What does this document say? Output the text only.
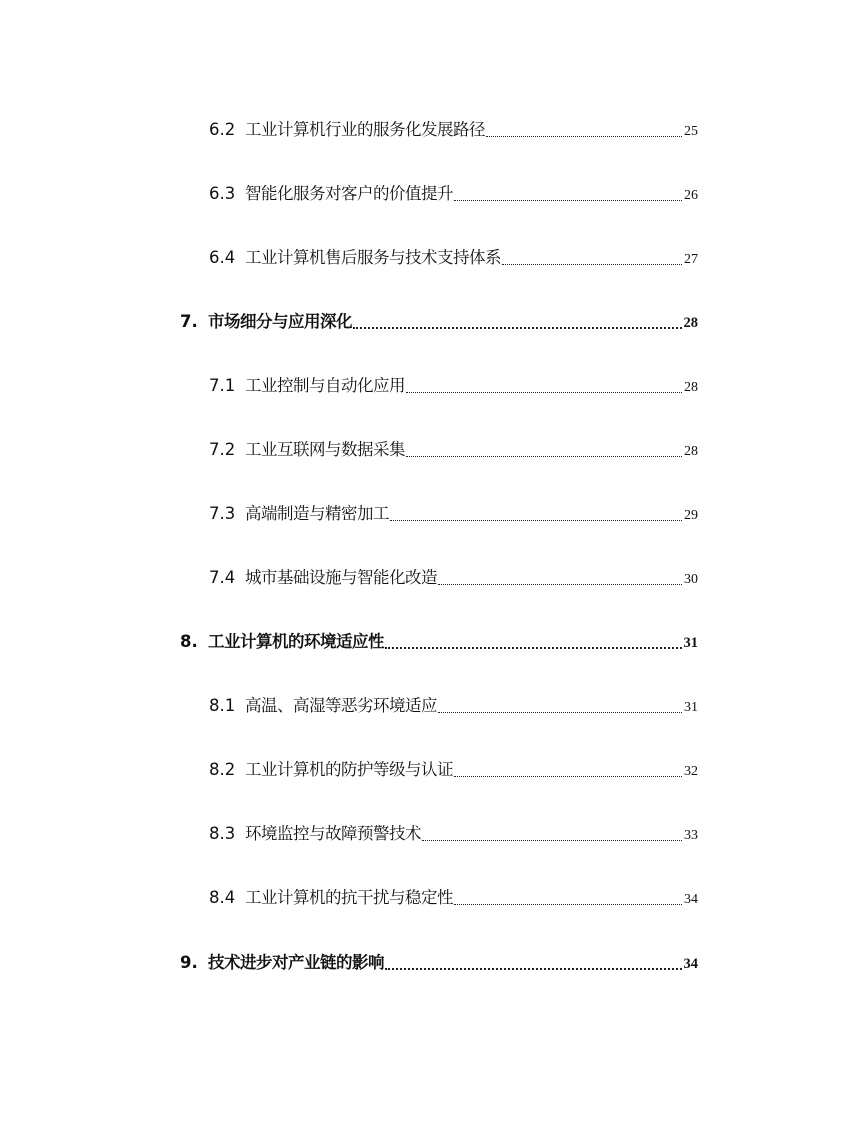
6.2 工业计算机行业的服务化发展路径	25
6.3 智能化服务对客户的价值提升	26
6.4 工业计算机售后服务与技术支持体系	27
7. 市场细分与应用深化	28
7.1 工业控制与自动化应用	28
7.2 工业互联网与数据采集	28
7.3 高端制造与精密加工	29
7.4 城市基础设施与智能化改造	30
8. 工业计算机的环境适应性	31
8.1 高温、高湿等恶劣环境适应	31
8.2 工业计算机的防护等级与认证	32
8.3 环境监控与故障预警技术	33
8.4 工业计算机的抗干扰与稳定性	34
9. 技术进步对产业链的影响	34
